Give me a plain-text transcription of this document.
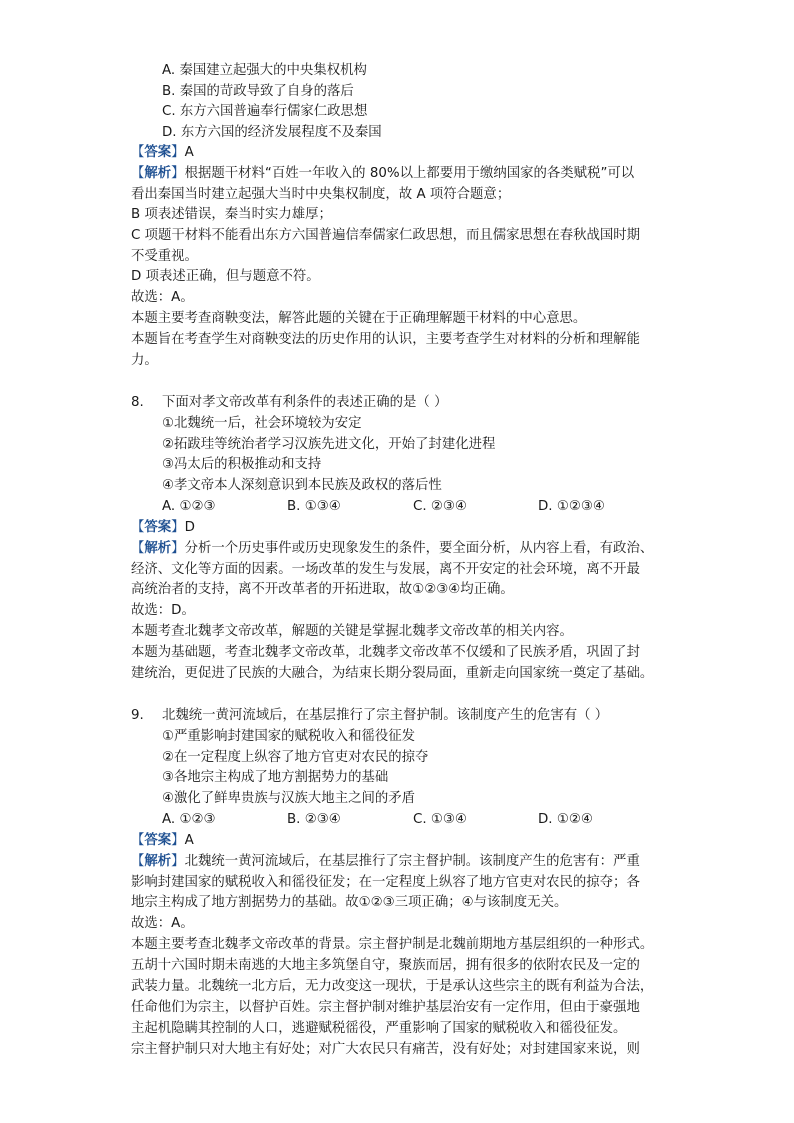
A. 秦国建立起强大的中央集权机构
B. 秦国的苛政导致了自身的落后
C. 东方六国普遍奉行儒家仁政思想
D. 东方六国的经济发展程度不及秦国
【答案】A
【解析】根据题干材料“百姓一年收入的 80%以上都要用于缴纳国家的各类赋税”可以
看出秦国当时建立起强大当时中央集权制度，故 A 项符合题意；
B 项表述错误，秦当时实力雄厚；
C 项题干材料不能看出东方六国普遍信奉儒家仁政思想，而且儒家思想在春秋战国时期
不受重视。
D 项表述正确，但与题意不符。
故选：A。
本题主要考查商鞅变法，解答此题的关键在于正确理解题干材料的中心意思。
本题旨在考查学生对商鞅变法的历史作用的认识，主要考查学生对材料的分析和理解能
力。
8. 下面对孝文帝改革有利条件的表述正确的是（ ）
①北魏统一后，社会环境较为安定
②拓跋珪等统治者学习汉族先进文化，开始了封建化进程
③冯太后的积极推动和支持
④孝文帝本人深刻意识到本民族及政权的落后性
A. ①②③	B. ①③④	C. ②③④	D. ①②③④
【答案】D
【解析】分析一个历史事件或历史现象发生的条件，要全面分析，从内容上看，有政治、
经济、文化等方面的因素。一场改革的发生与发展，离不开安定的社会环境，离不开最
高统治者的支持，离不开改革者的开拓进取，故①②③④均正确。
故选：D。
本题考查北魏孝文帝改革，解题的关键是掌握北魏孝文帝改革的相关内容。
本题为基础题，考查北魏孝文帝改革，北魏孝文帝改革不仅缓和了民族矛盾，巩固了封
建统治，更促进了民族的大融合，为结束长期分裂局面，重新走向国家统一奠定了基础。
9. 北魏统一黄河流域后，在基层推行了宗主督护制。该制度产生的危害有（ ）
①严重影响封建国家的赋税收入和徭役征发
②在一定程度上纵容了地方官吏对农民的掠夺
③各地宗主构成了地方割据势力的基础
④激化了鲜卑贵族与汉族大地主之间的矛盾
A. ①②③	B. ②③④	C. ①③④	D. ①②④
【答案】A
【解析】北魏统一黄河流域后，在基层推行了宗主督护制。该制度产生的危害有：严重
影响封建国家的赋税收入和徭役征发；在一定程度上纵容了地方官吏对农民的掠夺；各
地宗主构成了地方割据势力的基础。故①②③三项正确；④与该制度无关。
故选：A。
本题主要考查北魏孝文帝改革的背景。宗主督护制是北魏前期地方基层组织的一种形式。
五胡十六国时期未南逃的大地主多筑堡自守，聚族而居，拥有很多的依附农民及一定的
武装力量。北魏统一北方后，无力改变这一现状，于是承认这些宗主的既有利益为合法，
任命他们为宗主，以督护百姓。宗主督护制对维护基层治安有一定作用，但由于豪强地
主起机隐瞒其控制的人口，逃避赋税徭役，严重影响了国家的赋税收入和徭役征发。
宗主督护制只对大地主有好处；对广大农民只有痛苦，没有好处；对封建国家来说，则
